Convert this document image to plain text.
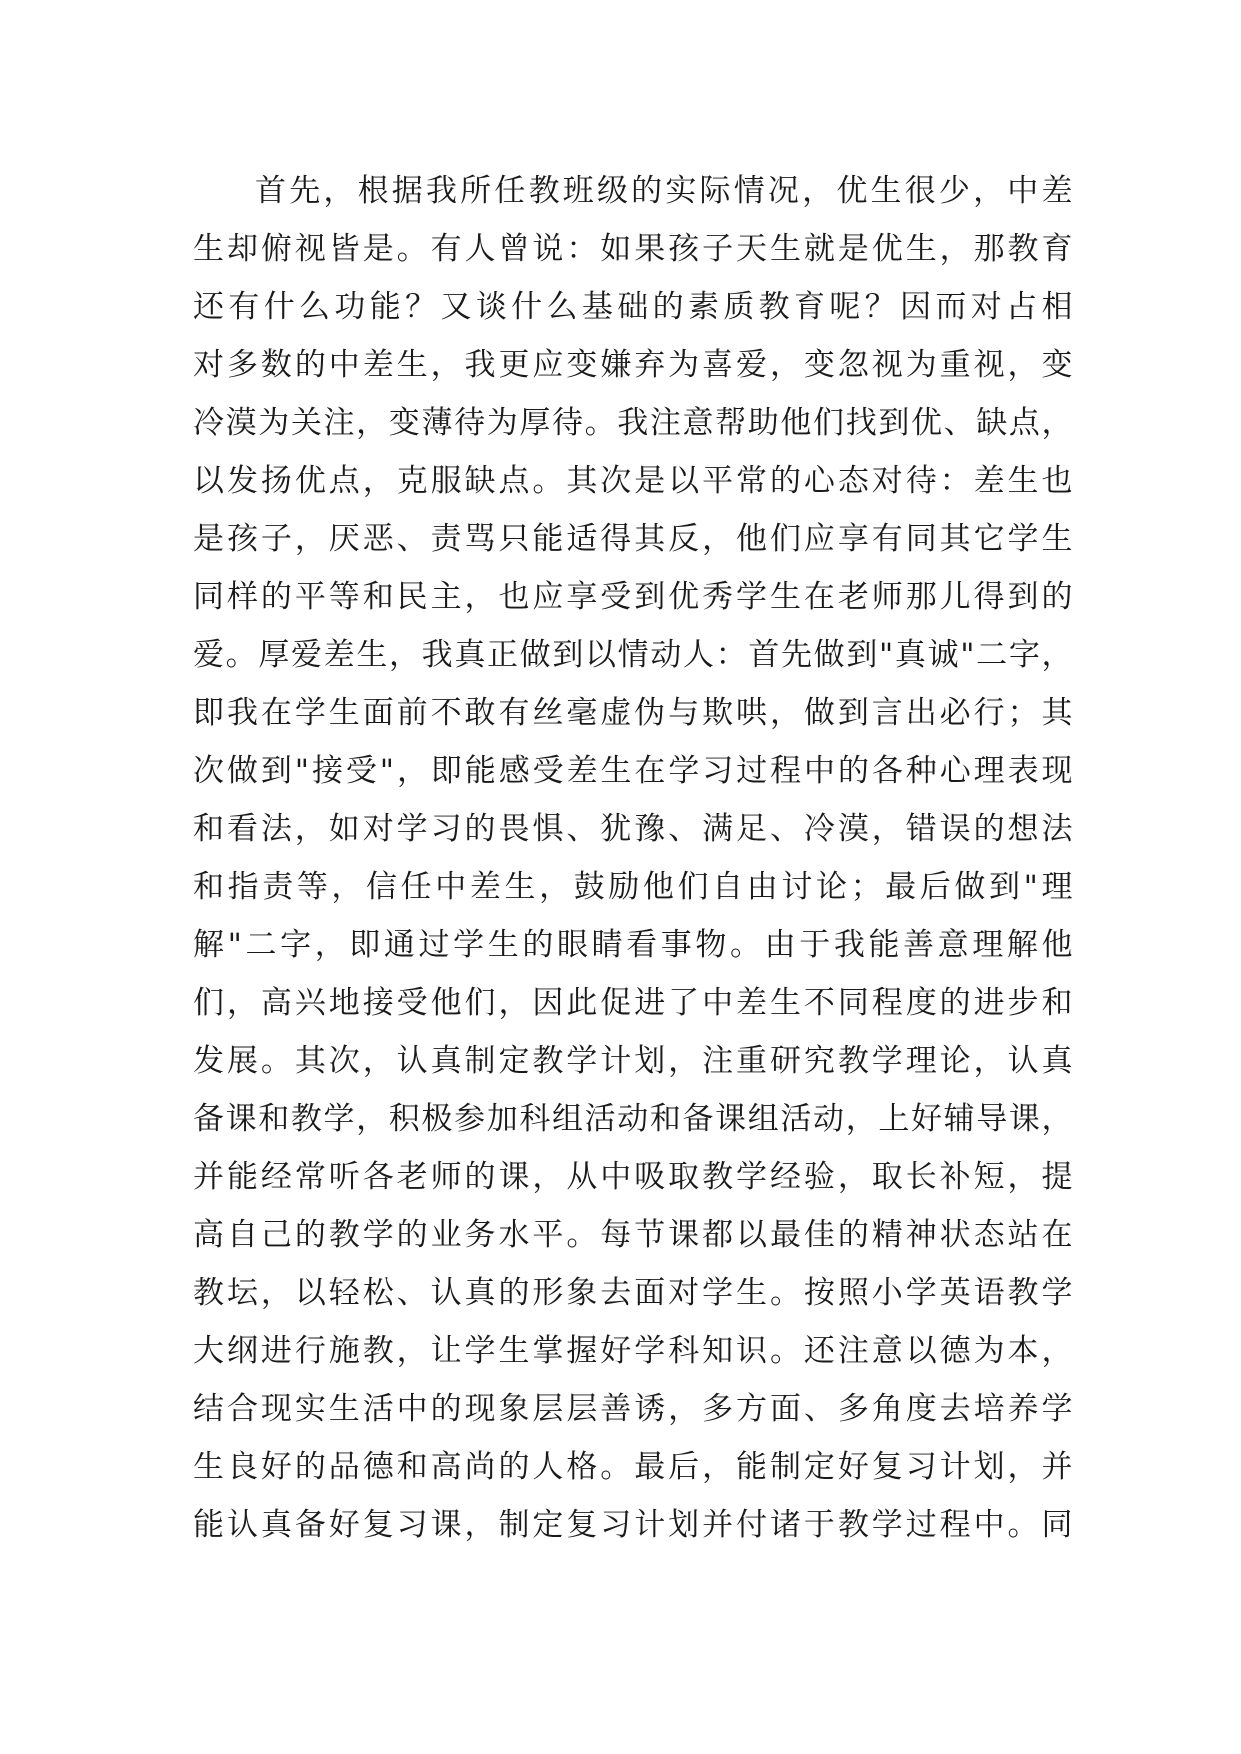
首先，根据我所任教班级的实际情况，优生很少，中差
生却俯视皆是。有人曾说：如果孩子天生就是优生，那教育
还有什么功能？又谈什么基础的素质教育呢？因而对占相
对多数的中差生，我更应变嫌弃为喜爱，变忽视为重视，变
冷漠为关注，变薄待为厚待。我注意帮助他们找到优、缺点，
以发扬优点，克服缺点。其次是以平常的心态对待：差生也
是孩子，厌恶、责骂只能适得其反，他们应享有同其它学生
同样的平等和民主，也应享受到优秀学生在老师那儿得到的
爱。厚爱差生，我真正做到以情动人：首先做到"真诚"二字，
即我在学生面前不敢有丝毫虚伪与欺哄，做到言出必行；其
次做到"接受"，即能感受差生在学习过程中的各种心理表现
和看法，如对学习的畏惧、犹豫、满足、冷漠，错误的想法
和指责等，信任中差生，鼓励他们自由讨论；最后做到"理
解"二字，即通过学生的眼睛看事物。由于我能善意理解他
们，高兴地接受他们，因此促进了中差生不同程度的进步和
发展。其次，认真制定教学计划，注重研究教学理论，认真
备课和教学，积极参加科组活动和备课组活动，上好辅导课，
并能经常听各老师的课，从中吸取教学经验，取长补短，提
高自己的教学的业务水平。每节课都以最佳的精神状态站在
教坛，以轻松、认真的形象去面对学生。按照小学英语教学
大纲进行施教，让学生掌握好学科知识。还注意以德为本，
结合现实生活中的现象层层善诱，多方面、多角度去培养学
生良好的品德和高尚的人格。最后，能制定好复习计划，并
能认真备好复习课，制定复习计划并付诸于教学过程中。同
